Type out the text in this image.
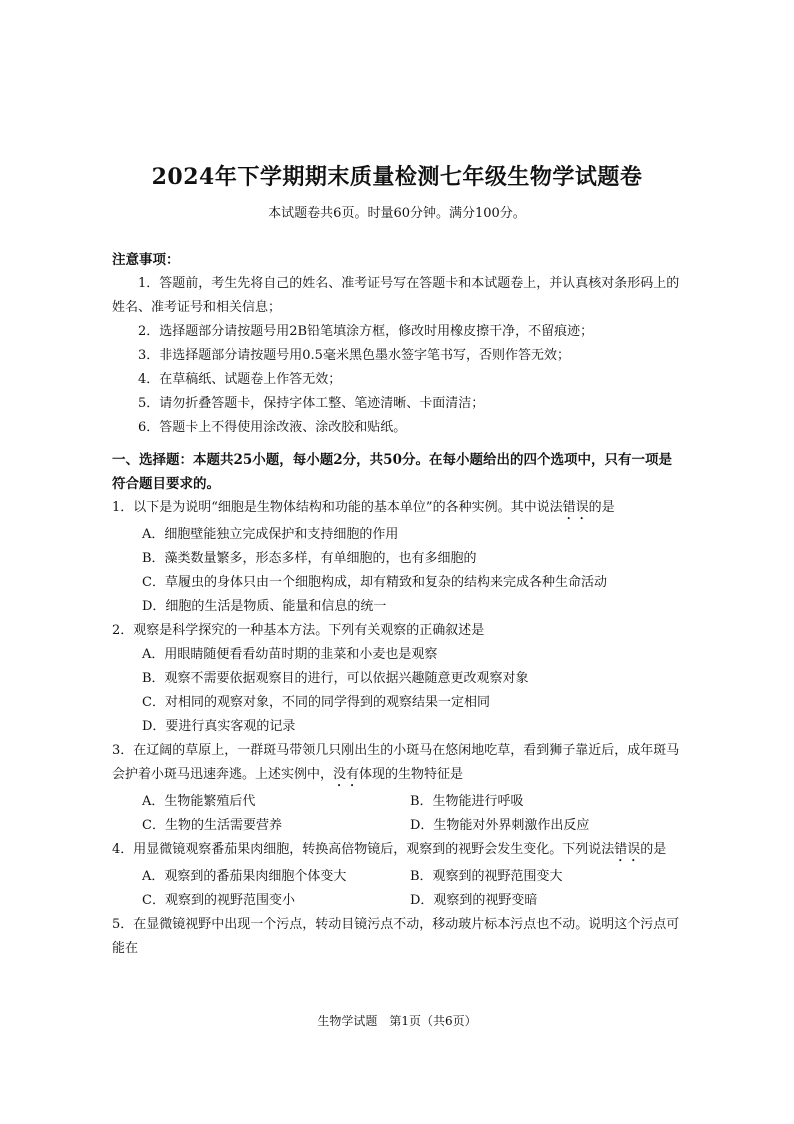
2024年下学期期末质量检测七年级生物学试题卷
本试题卷共6页。时量60分钟。满分100分。
注意事项：
1．答题前，考生先将自己的姓名、准考证号写在答题卡和本试题卷上，并认真核对条形码上的姓名、准考证号和相关信息；
2．选择题部分请按题号用2B铅笔填涂方框，修改时用橡皮擦干净，不留痕迹；
3．非选择题部分请按题号用0.5毫米黑色墨水签字笔书写，否则作答无效；
4．在草稿纸、试题卷上作答无效；
5．请勿折叠答题卡，保持字体工整、笔迹清晰、卡面清洁；
6．答题卡上不得使用涂改液、涂改胶和贴纸。
一、选择题：本题共25小题，每小题2分，共50分。在每小题给出的四个选项中，只有一项是符合题目要求的。
1．以下是为说明“细胞是生物体结构和功能的基本单位”的各种实例。其中说法错误的是
A．细胞壁能独立完成保护和支持细胞的作用
B．藻类数量繁多，形态多样，有单细胞的，也有多细胞的
C．草履虫的身体只由一个细胞构成，却有精致和复杂的结构来完成各种生命活动
D．细胞的生活是物质、能量和信息的统一
2．观察是科学探究的一种基本方法。下列有关观察的正确叙述是
A．用眼睛随便看看幼苗时期的韭菜和小麦也是观察
B．观察不需要依据观察目的进行，可以依据兴趣随意更改观察对象
C．对相同的观察对象，不同的同学得到的观察结果一定相同
D．要进行真实客观的记录
3．在辽阔的草原上，一群斑马带领几只刚出生的小斑马在悠闲地吃草，看到狮子靠近后，成年斑马会护着小斑马迅速奔逃。上述实例中，没有体现的生物特征是
A．生物能繁殖后代	B．生物能进行呼吸
C．生物的生活需要营养	D．生物能对外界刺激作出反应
4．用显微镜观察番茄果肉细胞，转换高倍物镜后，观察到的视野会发生变化。下列说法错误的是
A．观察到的番茄果肉细胞个体变大	B．观察到的视野范围变大
C．观察到的视野范围变小	D．观察到的视野变暗
5．在显微镜视野中出现一个污点，转动目镜污点不动，移动玻片标本污点也不动。说明这个污点可能在
生物学试题　第1页（共6页）
